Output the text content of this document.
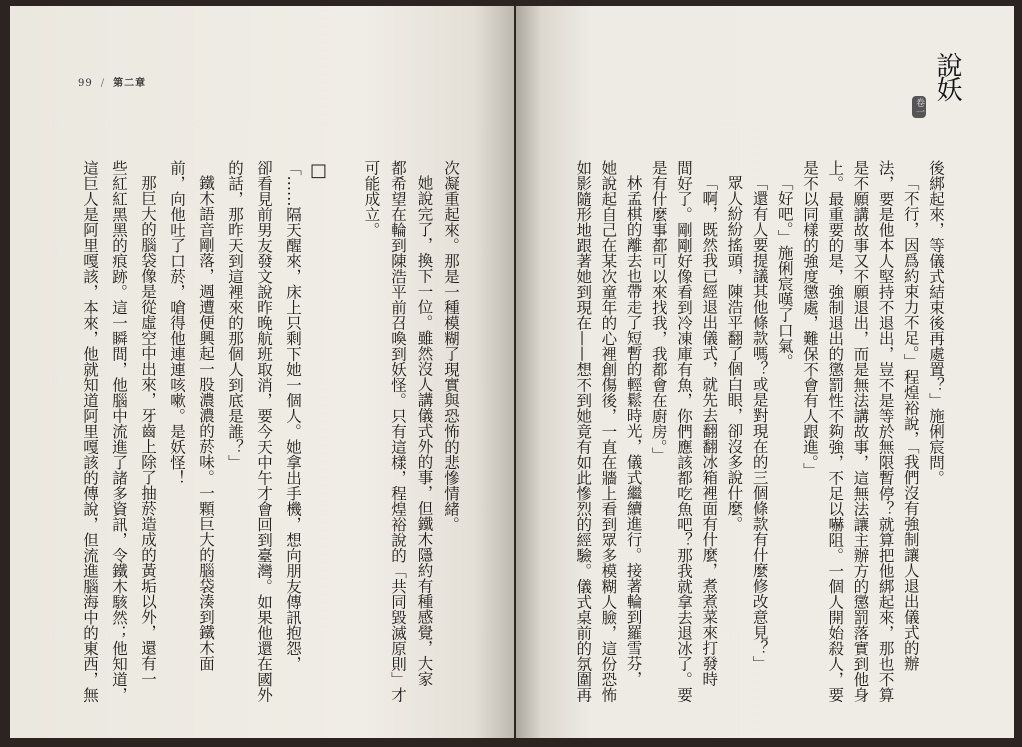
99 / 第二章
卷一
說妖
後綁起來，等儀式結束後再處置？」施俐宸問。
「不行，因爲約束力不足。」程煌裕說，「我們沒有強制讓人退出儀式的辦
法，要是他本人堅持不退出，豈不是等於無限暫停？就算把他綁起來，那也不算
是不願講故事又不願退出，而是無法講故事，這無法讓主辦方的懲罰落實到他身
上。最重要的是，強制退出的懲罰性不夠強，不足以嚇阻。一個人開始殺人，要
是不以同樣的強度懲處，難保不會有人跟進。」
「好吧。」施俐宸嘆了口氣。
「還有人要提議其他條款嗎？或是對現在的三個條款有什麼修改意見？」
眾人紛紛搖頭，陳浩平翻了個白眼，卻沒多說什麼。
「啊，既然我已經退出儀式，就先去翻翻冰箱裡面有什麼，煮煮菜來打發時
間好了。剛剛好像看到冷凍庫有魚，你們應該都吃魚吧？那我就拿去退冰了。要
是有什麼事都可以來找我，我都會在廚房。」
林孟棋的離去也帶走了短暫的輕鬆時光，儀式繼續進行。接著輪到羅雪芬，
她說起自己在某次童年的心裡創傷後，一直在牆上看到眾多模糊人臉，這份恐怖
如影隨形地跟著她到現在——想不到她竟有如此慘烈的經驗。儀式桌前的氛圍再
次凝重起來。那是一種模糊了現實與恐怖的悲慘情緒。
她說完了，換下一位。雖然沒人講儀式外的事，但鐵木隱約有種感覺，大家
都希望在輪到陳浩平前召喚到妖怪。只有這樣，程煌裕說的「共同毀滅原則」才
可能成立。
□
「……隔天醒來，床上只剩下她一個人。她拿出手機，想向朋友傳訊抱怨，
卻看見前男友發文說昨晚航班取消，要今天中午才會回到臺灣。如果他還在國外
的話，那昨天到這裡來的那個人到底是誰？」
鐵木語音剛落，週遭便興起一股濃濃的菸味。一顆巨大的腦袋湊到鐵木面
前，向他吐了口菸，嗆得他連連咳嗽。是妖怪！
那巨大的腦袋像是從虛空中出來，牙齒上除了抽菸造成的黃垢以外，還有一
些紅紅黑黑的痕跡。這一瞬間，他腦中流進了諸多資訊，令鐵木駭然；他知道，
這巨人是阿里嘎該，本來，他就知道阿里嘎該的傳說，但流進腦海中的東西，無
